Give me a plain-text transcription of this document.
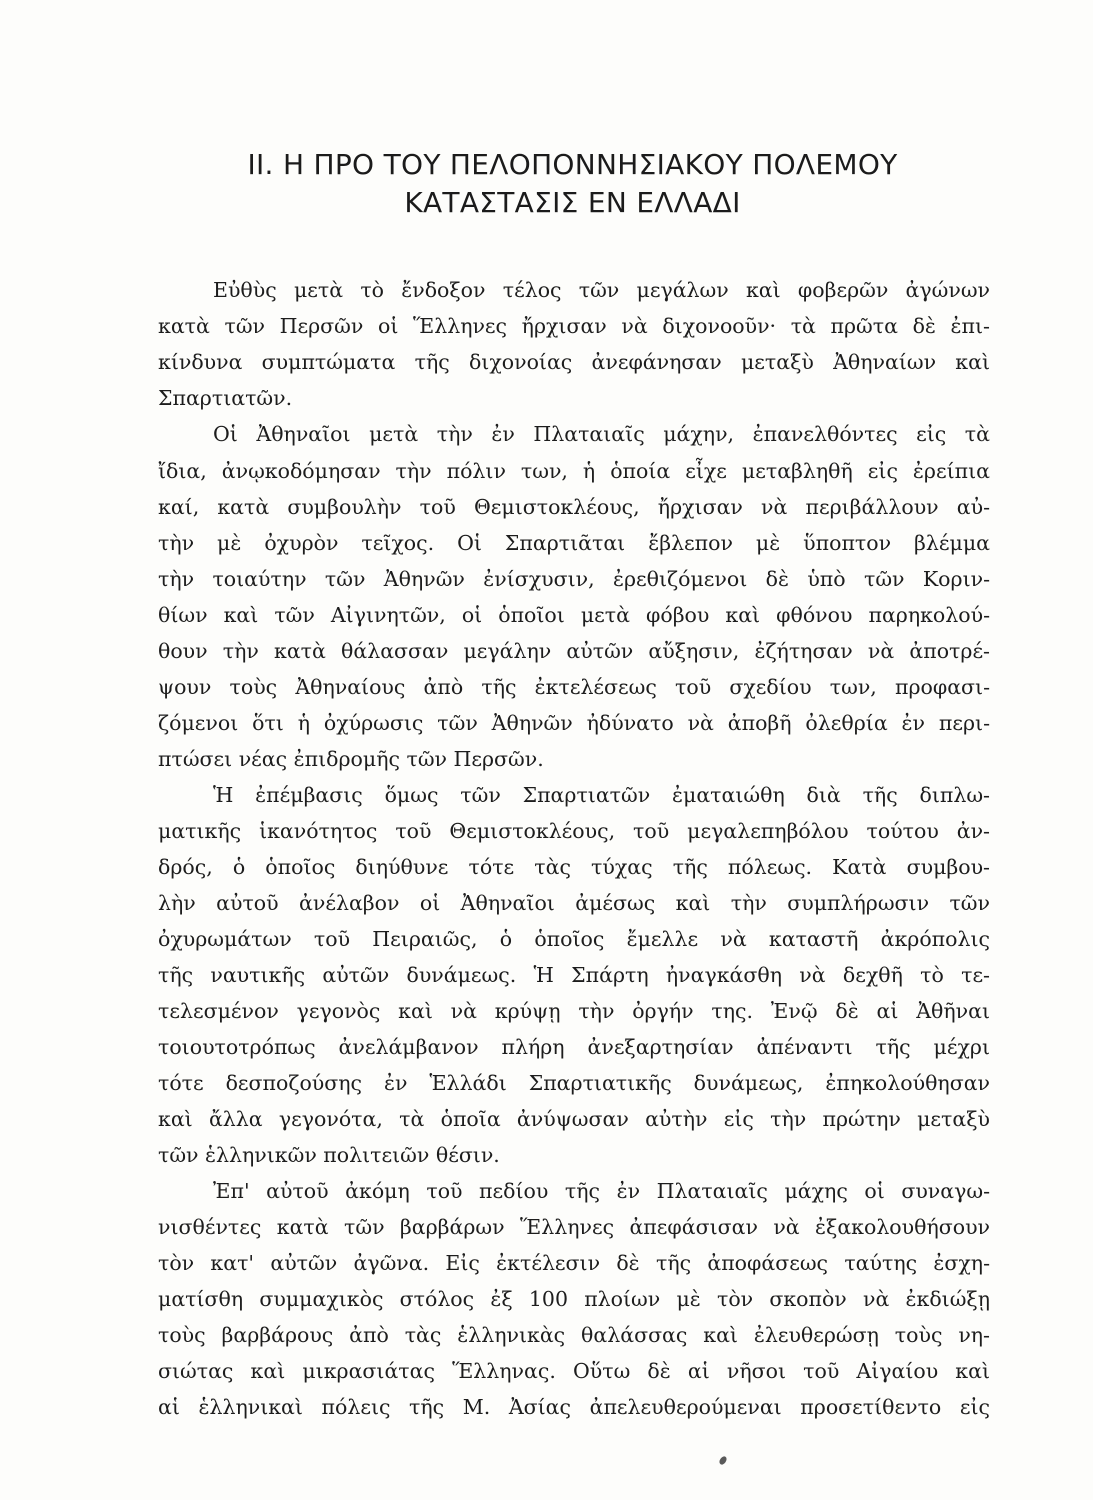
II. Η ΠΡΟ ΤΟΥ ΠΕΛΟΠΟΝΝΗΣΙΑΚΟΥ ΠΟΛΕΜΟΥ
ΚΑΤΑΣΤΑΣΙΣ ΕΝ ΕΛΛΑΔΙ
Εὐθὺς μετὰ τὸ ἔνδοξον τέλος τῶν μεγάλων καὶ φοβερῶν ἀγώνων
κατὰ τῶν Περσῶν οἱ Ἕλληνες ἤρχισαν νὰ διχονοοῦν· τὰ πρῶτα δὲ ἐπι-
κίνδυνα συμπτώματα τῆς διχονοίας ἀνεφάνησαν μεταξὺ Ἀθηναίων καὶ
Σπαρτιατῶν.
Οἱ Ἀθηναῖοι μετὰ τὴν ἐν Πλαταιαῖς μάχην, ἐπανελθόντες εἰς τὰ
ἴδια, ἀνῳκοδόμησαν τὴν πόλιν των, ἡ ὁποία εἶχε μεταβληθῆ εἰς ἐρείπια
καί, κατὰ συμβουλὴν τοῦ Θεμιστοκλέους, ἤρχισαν νὰ περιβάλλουν αὐ-
τὴν μὲ ὀχυρὸν τεῖχος. Οἱ Σπαρτιᾶται ἔβλεπον μὲ ὕποπτον βλέμμα
τὴν τοιαύτην τῶν Ἀθηνῶν ἐνίσχυσιν, ἐρεθιζόμενοι δὲ ὑπὸ τῶν Κοριν-
θίων καὶ τῶν Αἰγινητῶν, οἱ ὁποῖοι μετὰ φόβου καὶ φθόνου παρηκολού-
θουν τὴν κατὰ θάλασσαν μεγάλην αὐτῶν αὔξησιν, ἐζήτησαν νὰ ἀποτρέ-
ψουν τοὺς Ἀθηναίους ἀπὸ τῆς ἐκτελέσεως τοῦ σχεδίου των, προφασι-
ζόμενοι ὅτι ἡ ὀχύρωσις τῶν Ἀθηνῶν ἠδύνατο νὰ ἀποβῆ ὀλεθρία ἐν περι-
πτώσει νέας ἐπιδρομῆς τῶν Περσῶν.
Ἡ ἐπέμβασις ὅμως τῶν Σπαρτιατῶν ἐματαιώθη διὰ τῆς διπλω-
ματικῆς ἱκανότητος τοῦ Θεμιστοκλέους, τοῦ μεγαλεπηβόλου τούτου ἀν-
δρός, ὁ ὁποῖος διηύθυνε τότε τὰς τύχας τῆς πόλεως. Κατὰ συμβου-
λὴν αὐτοῦ ἀνέλαβον οἱ Ἀθηναῖοι ἀμέσως καὶ τὴν συμπλήρωσιν τῶν
ὀχυρωμάτων τοῦ Πειραιῶς, ὁ ὁποῖος ἔμελλε νὰ καταστῆ ἀκρόπολις
τῆς ναυτικῆς αὐτῶν δυνάμεως. Ἡ Σπάρτη ἠναγκάσθη νὰ δεχθῆ τὸ τε-
τελεσμένον γεγονὸς καὶ νὰ κρύψῃ τὴν ὀργήν της. Ἐνῷ δὲ αἱ Ἀθῆναι
τοιουτοτρόπως ἀνελάμβανον πλήρη ἀνεξαρτησίαν ἀπέναντι τῆς μέχρι
τότε δεσποζούσης ἐν Ἑλλάδι Σπαρτιατικῆς δυνάμεως, ἐπηκολούθησαν
καὶ ἄλλα γεγονότα, τὰ ὁποῖα ἀνύψωσαν αὐτὴν εἰς τὴν πρώτην μεταξὺ
τῶν ἑλληνικῶν πολιτειῶν θέσιν.
Ἐπ' αὐτοῦ ἀκόμη τοῦ πεδίου τῆς ἐν Πλαταιαῖς μάχης οἱ συναγω-
νισθέντες κατὰ τῶν βαρβάρων Ἕλληνες ἀπεφάσισαν νὰ ἐξακολουθήσουν
τὸν κατ' αὐτῶν ἀγῶνα. Εἰς ἐκτέλεσιν δὲ τῆς ἀποφάσεως ταύτης ἐσχη-
ματίσθη συμμαχικὸς στόλος ἐξ 100 πλοίων μὲ τὸν σκοπὸν νὰ ἐκδιώξῃ
τοὺς βαρβάρους ἀπὸ τὰς ἑλληνικὰς θαλάσσας καὶ ἐλευθερώσῃ τοὺς νη-
σιώτας καὶ μικρασιάτας Ἕλληνας. Οὕτω δὲ αἱ νῆσοι τοῦ Αἰγαίου καὶ
αἱ ἑλληνικαὶ πόλεις τῆς Μ. Ἀσίας ἀπελευθερούμεναι προσετίθεντο εἰς
